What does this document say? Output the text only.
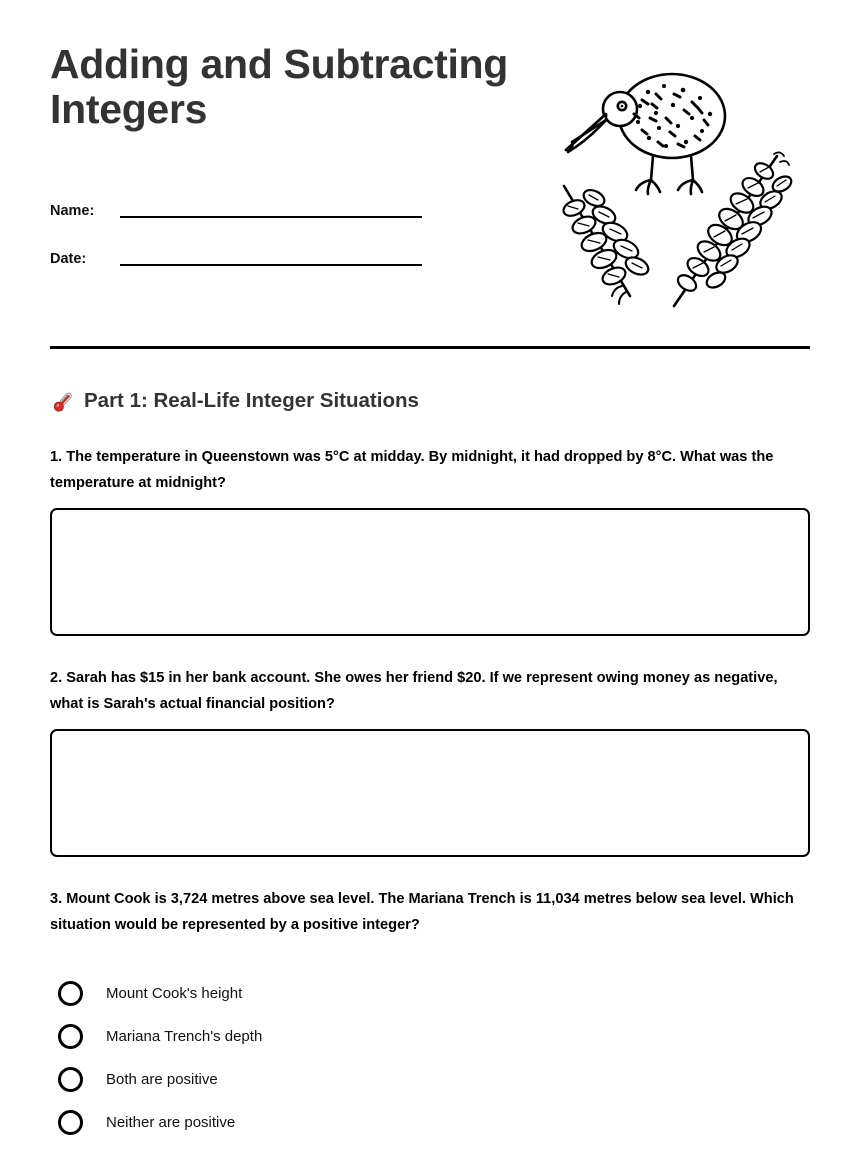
Adding and Subtracting Integers
Name:
Date:
Part 1: Real-Life Integer Situations
1. The temperature in Queenstown was 5°C at midday. By midnight, it had dropped by 8°C. What was the temperature at midnight?
2. Sarah has $15 in her bank account. She owes her friend $20. If we represent owing money as negative, what is Sarah's actual financial position?
3. Mount Cook is 3,724 metres above sea level. The Mariana Trench is 11,034 metres below sea level. Which situation would be represented by a positive integer?
Mount Cook's height
Mariana Trench's depth
Both are positive
Neither are positive
